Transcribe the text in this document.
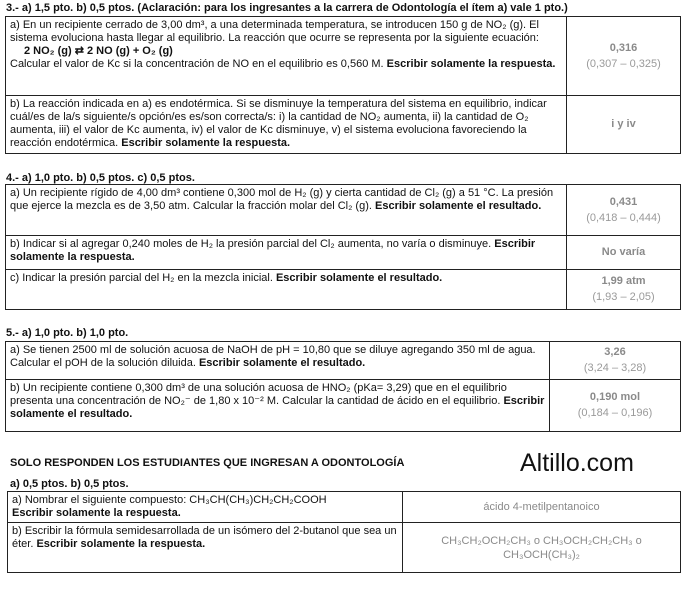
3.- a) 1,5 pto. b) 0,5 ptos. (Aclaración: para los ingresantes a la carrera de Odontología el ítem a) vale 1 pto.)
a) En un recipiente cerrado de 3,00 dm³, a una determinada temperatura, se introducen 150 g de NO₂ (g). El sistema evoluciona hasta llegar al equilibrio. La reacción que ocurre se representa por la siguiente ecuación: 2 NO₂ (g) ⇄ 2 NO (g) + O₂ (g)
Calcular el valor de Kc si la concentración de NO en el equilibrio es 0,560 M. Escribir solamente la respuesta.	0,316
(0,307 – 0,325)

b) La reacción indicada en a) es endotérmica. Si se disminuye la temperatura del sistema en equilibrio, indicar cuál/es de la/s siguiente/s opción/es es/son correcta/s: i) la cantidad de NO₂ aumenta, ii) la cantidad de O₂ aumenta, iii) el valor de Kc aumenta, iv) el valor de Kc disminuye, v) el sistema evoluciona favoreciendo la reacción endotérmica. Escribir solamente la respuesta.	i y iv
4.- a) 1,0 pto. b) 0,5 ptos. c) 0,5 ptos.
a) Un recipiente rígido de 4,00 dm³ contiene 0,300 mol de H₂ (g) y cierta cantidad de Cl₂ (g) a 51 °C. La presión que ejerce la mezcla es de 3,50 atm. Calcular la fracción molar del Cl₂ (g). Escribir solamente el resultado.	0,431
(0,418 – 0,444)

b) Indicar si al agregar 0,240 moles de H₂ la presión parcial del Cl₂ aumenta, no varía o disminuye. Escribir solamente la respuesta.	No varía
c) Indicar la presión parcial del H₂ en la mezcla inicial. Escribir solamente el resultado.	1,99 atm
(1,93 – 2,05)
5.- a) 1,0 pto. b) 1,0 pto.
a) Se tienen 2500 ml de solución acuosa de NaOH de pH = 10,80 que se diluye agregando 350 ml de agua. Calcular el pOH de la solución diluida. Escribir solamente el resultado.	3,26
(3,24 – 3,28)

b) Un recipiente contiene 0,300 dm³ de una solución acuosa de HNO₂ (pKa= 3,29) que en el equilibrio presenta una concentración de NO₂⁻ de 1,80 x 10⁻² M. Calcular la cantidad de ácido en el equilibrio. Escribir solamente el resultado.	0,190 mol
(0,184 – 0,196)
SOLO RESPONDEN LOS ESTUDIANTES QUE INGRESAN A ODONTOLOGÍA	Altillo.com
a) 0,5 ptos. b) 0,5 ptos.
a) Nombrar el siguiente compuesto: CH₃CH(CH₃)CH₂CH₂COOH
Escribir solamente la respuesta.	ácido 4-metilpentanoico
b) Escribir la fórmula semidesarrollada de un isómero del 2-butanol que sea un éter. Escribir solamente la respuesta.	CH₃CH₂OCH₂CH₃ o CH₃OCH₂CH₂CH₃ o CH₃OCH(CH₃)₂
